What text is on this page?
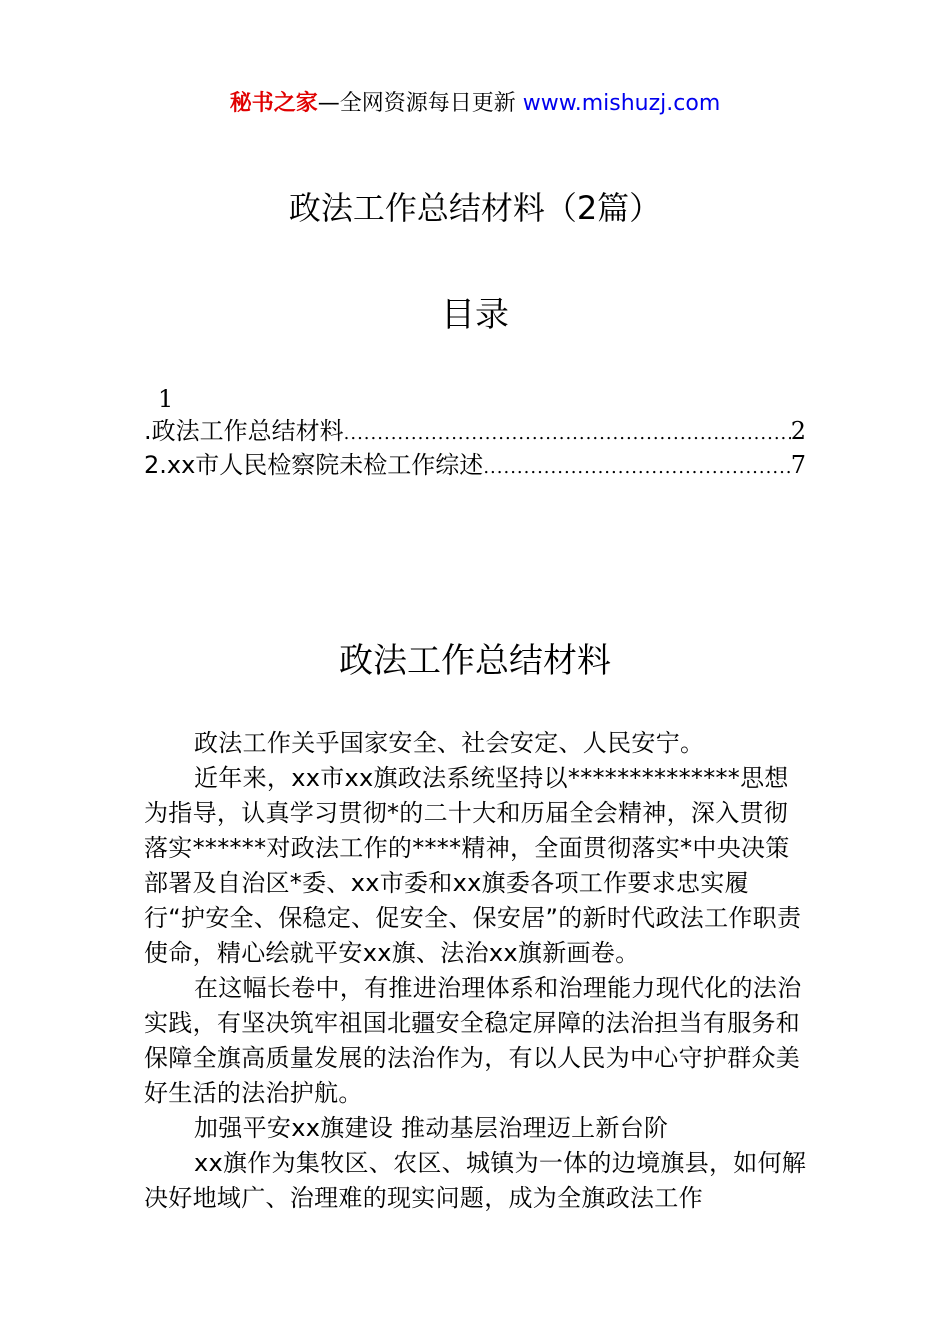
秘书之家—全网资源每日更新 www.mishuzj.com
政法工作总结材料（2篇）
目录
1
.政法工作总结材料 .....	2
2.xx市人民检察院未检工作综述 .....	7
政法工作总结材料

政法工作关乎国家安全、社会安定、人民安宁。

近年来，xx市xx旗政法系统坚持以**************思想为指导，认真学习贯彻*的二十大和历届全会精神，深入贯彻落实******对政法工作的****精神，全面贯彻落实*中央决策部署及自治区*委、xx市委和xx旗委各项工作要求忠实履行“护安全、保稳定、促安全、保安居”的新时代政法工作职责使命，精心绘就平安xx旗、法治xx旗新画卷。

在这幅长卷中，有推进治理体系和治理能力现代化的法治实践，有坚决筑牢祖国北疆安全稳定屏障的法治担当有服务和保障全旗高质量发展的法治作为，有以人民为中心守护群众美好生活的法治护航。

加强平安xx旗建设 推动基层治理迈上新台阶

xx旗作为集牧区、农区、城镇为一体的边境旗县，如何解决好地域广、治理难的现实问题，成为全旗政法工作
